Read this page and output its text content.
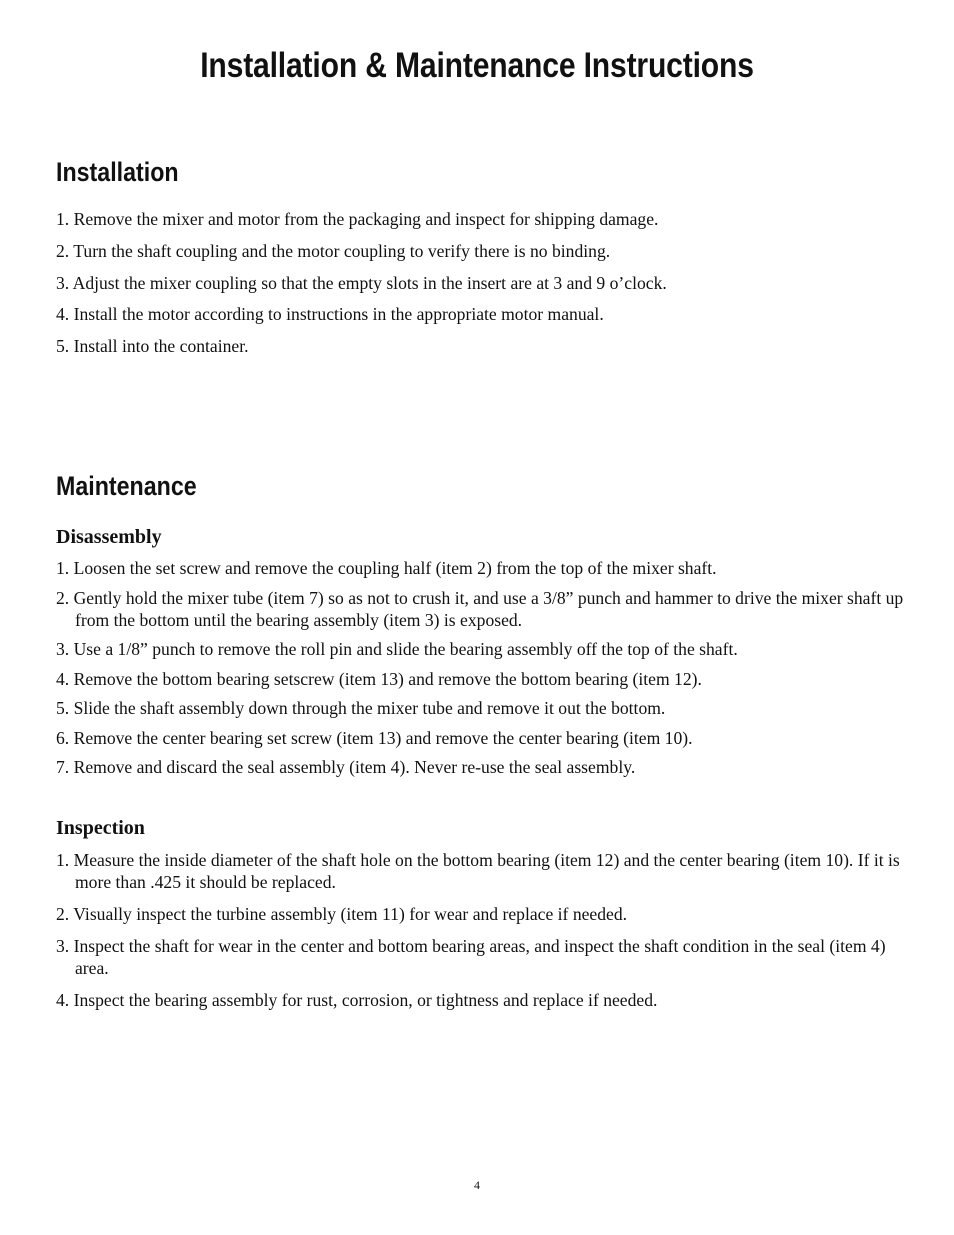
Installation & Maintenance Instructions
Installation
1. Remove the mixer and motor from the packaging and inspect for shipping damage.
2. Turn the shaft coupling and the motor coupling to verify there is no binding.
3. Adjust the mixer coupling so that the empty slots in the insert are at 3 and 9 o’clock.
4. Install the motor according to instructions in the appropriate motor manual.
5. Install into the container.
Maintenance
Disassembly
1. Loosen the set screw and remove the coupling half (item 2) from the top of the mixer shaft.
2. Gently hold the mixer tube (item 7) so as not to crush it, and use a 3/8” punch and hammer to drive the mixer shaft up from the bottom until the bearing assembly (item 3) is exposed.
3. Use a 1/8” punch to remove the roll pin and slide the bearing assembly off the top of the shaft.
4. Remove the bottom bearing setscrew (item 13) and remove the bottom bearing (item 12).
5. Slide the shaft assembly down through the mixer tube and remove it out the bottom.
6. Remove the center bearing set screw (item 13) and remove the center bearing (item 10).
7. Remove and discard the seal assembly (item 4). Never re-use the seal assembly.
Inspection
1. Measure the inside diameter of the shaft hole on the bottom bearing (item 12) and the center bearing (item 10). If it is more than .425 it should be replaced.
2. Visually inspect the turbine assembly (item 11) for wear and replace if needed.
3. Inspect the shaft for wear in the center and bottom bearing areas, and inspect the shaft condition in the seal (item 4) area.
4. Inspect the bearing assembly for rust, corrosion, or tightness and replace if needed.
4
